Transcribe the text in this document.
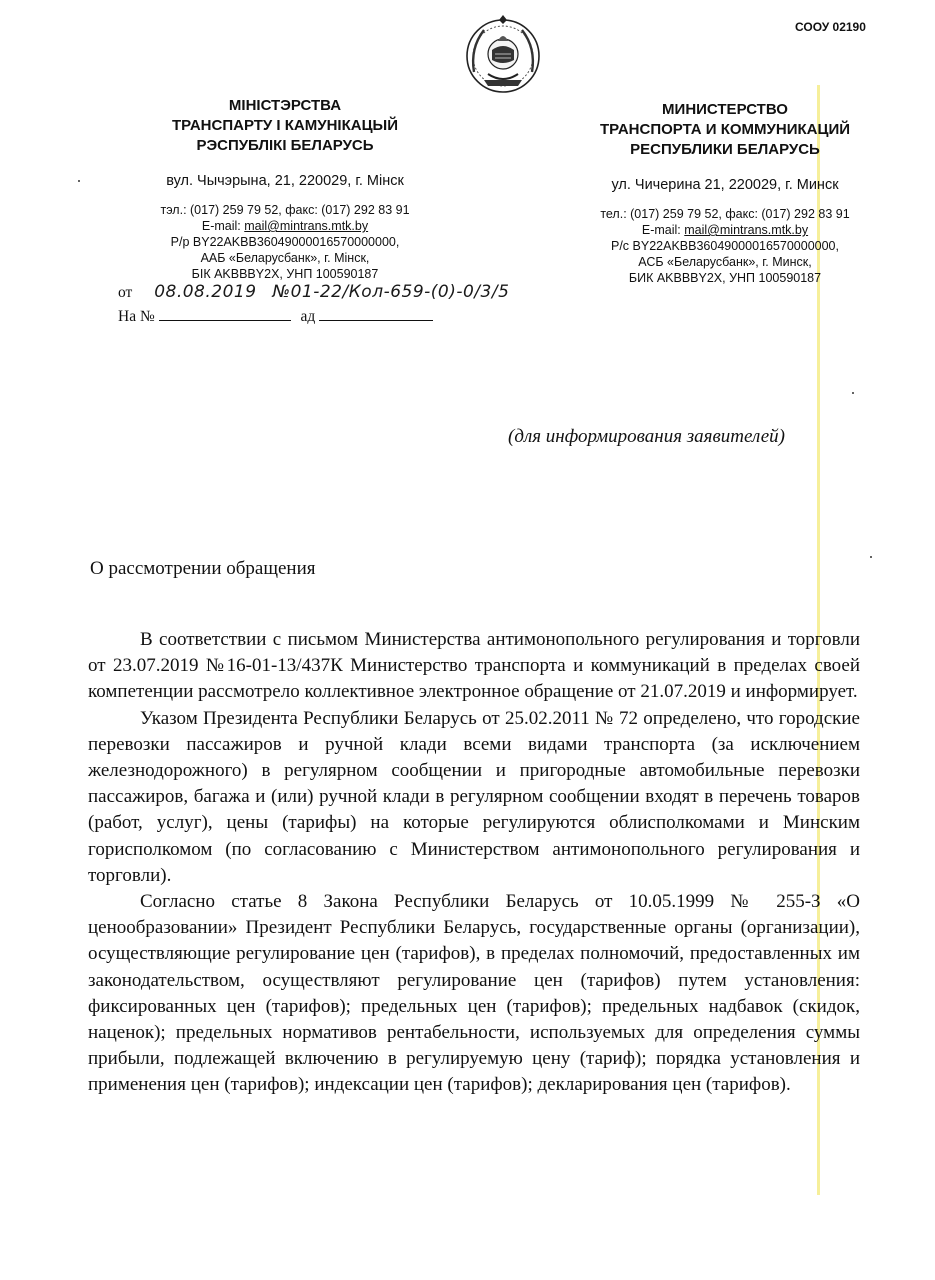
СООУ 02190
МІНІСТЭРСТВА
ТРАНСПАРТУ І КАМУНІКАЦЫЙ
РЭСПУБЛІКІ БЕЛАРУСЬ
вул. Чычэрына, 21, 220029, г. Мінск
тэл.: (017) 259 79 52, факс: (017) 292 83 91
E-mail: mail@mintrans.mtk.by
Р/р BY22AKBB36049000016570000000,
ААБ «Беларусбанк», г. Мінск,
БІК AKBBBY2X, УНП 100590187
МИНИСТЕРСТВО
ТРАНСПОРТА И КОММУНИКАЦИЙ
РЕСПУБЛИКИ БЕЛАРУСЬ
ул. Чичерина 21, 220029, г. Минск
тел.: (017) 259 79 52, факс: (017) 292 83 91
E-mail: mail@mintrans.mtk.by
Р/с BY22AKBB36049000016570000000,
АСБ «Беларусбанк», г. Минск,
БИК AKBBBY2X, УНП 100590187
от 08.08.2019 №01-22/Кол-659-(0)-0/3/5
На №	ад
(для информирования заявителей)
О рассмотрении обращения

В соответствии с письмом Министерства антимонопольного регулирования и торговли от 23.07.2019 №16-01-13/437К Министерство транспорта и коммуникаций в пределах своей компетенции рассмотрело коллективное электронное обращение от 21.07.2019 и информирует.

Указом Президента Республики Беларусь от 25.02.2011 № 72 определено, что городские перевозки пассажиров и ручной клади всеми видами транспорта (за исключением железнодорожного) в регулярном сообщении и пригородные автомобильные перевозки пассажиров, багажа и (или) ручной клади в регулярном сообщении входят в перечень товаров (работ, услуг), цены (тарифы) на которые регулируются облисполкомами и Минским горисполкомом (по согласованию с Министерством антимонопольного регулирования и торговли).

Согласно статье 8 Закона Республики Беларусь от 10.05.1999 № 255-З «О ценообразовании» Президент Республики Беларусь, государственные органы (организации), осуществляющие регулирование цен (тарифов), в пределах полномочий, предоставленных им законодательством, осуществляют регулирование цен (тарифов) путем установления: фиксированных цен (тарифов); предельных цен (тарифов); предельных надбавок (скидок, наценок); предельных нормативов рентабельности, используемых для определения суммы прибыли, подлежащей включению в регулируемую цену (тариф); порядка установления и применения цен (тарифов); индексации цен (тарифов); декларирования цен (тарифов).
